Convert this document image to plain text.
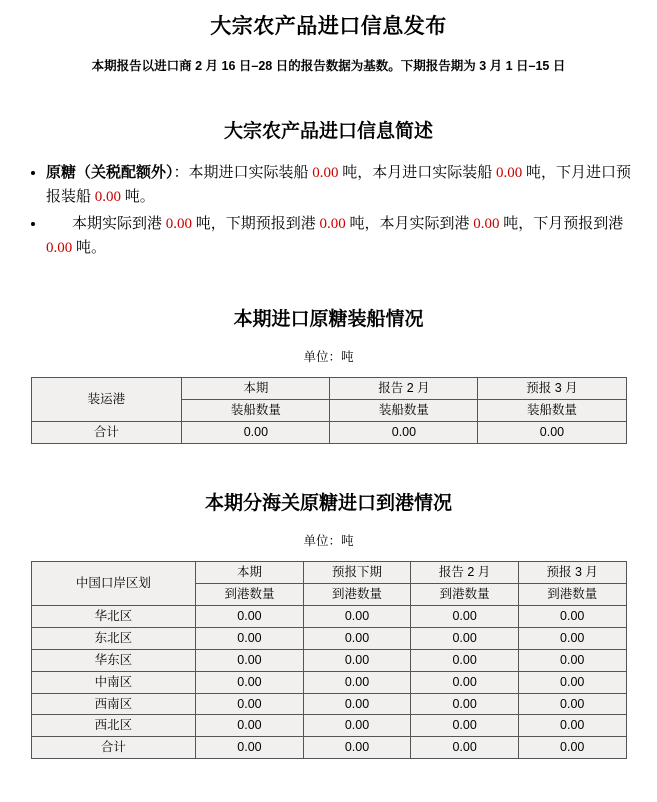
大宗农产品进口信息发布

本期报告以进口商 2 月 16 日–28 日的报告数据为基数。下期报告期为 3 月 1 日–15 日

大宗农产品进口信息简述
• 原糖（关税配额外）：本期进口实际装船 0.00 吨，本月进口实际装船 0.00 吨，下月进口预报装船 0.00 吨。
• 本期实际到港 0.00 吨，下期预报到港 0.00 吨，本月实际到港 0.00 吨，下月预报到港 0.00 吨。
本期进口原糖装船情况

单位：吨

装运港	本期	报告 2 月	预报 3 月
	装船数量	装船数量	装船数量
合计	0.00	0.00	0.00
本期分海关原糖进口到港情况

单位：吨

中国口岸区划	本期	预报下期	报告 2 月	预报 3 月
	到港数量	到港数量	到港数量	到港数量
华北区	0.00	0.00	0.00	0.00
东北区	0.00	0.00	0.00	0.00
华东区	0.00	0.00	0.00	0.00
中南区	0.00	0.00	0.00	0.00
西南区	0.00	0.00	0.00	0.00
西北区	0.00	0.00	0.00	0.00
合计	0.00	0.00	0.00	0.00
